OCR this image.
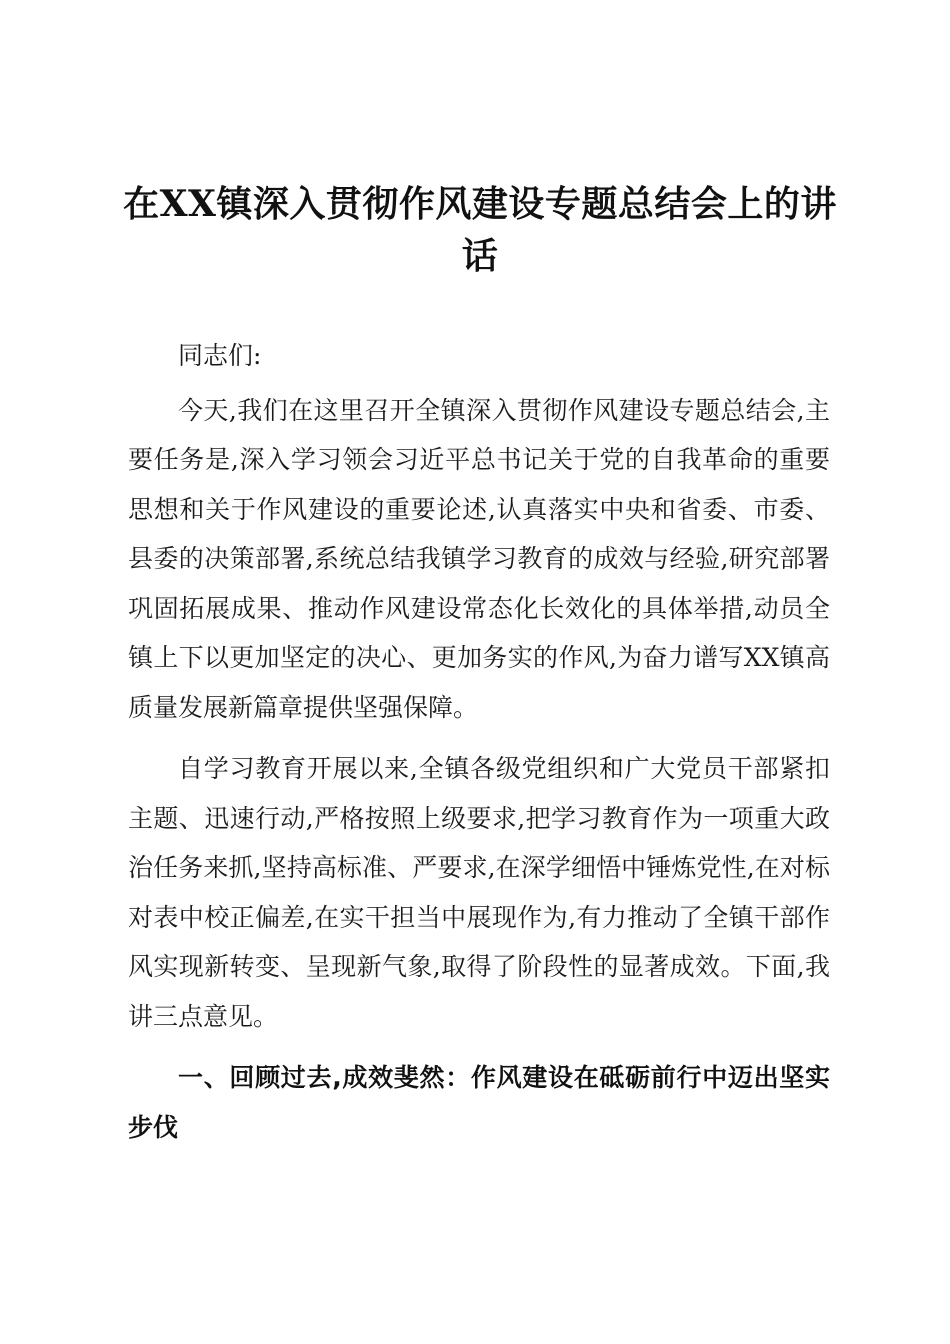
在XX镇深入贯彻作风建设专题总结会上的讲话

同志们:

今天,我们在这里召开全镇深入贯彻作风建设专题总结会,主要任务是,深入学习领会习近平总书记关于党的自我革命的重要思想和关于作风建设的重要论述,认真落实中央和省委、市委、县委的决策部署,系统总结我镇学习教育的成效与经验,研究部署巩固拓展成果、推动作风建设常态化长效化的具体举措,动员全镇上下以更加坚定的决心、更加务实的作风,为奋力谱写XX镇高质量发展新篇章提供坚强保障。

自学习教育开展以来,全镇各级党组织和广大党员干部紧扣主题、迅速行动,严格按照上级要求,把学习教育作为一项重大政治任务来抓,坚持高标准、严要求,在深学细悟中锤炼党性,在对标对表中校正偏差,在实干担当中展现作为,有力推动了全镇干部作风实现新转变、呈现新气象,取得了阶段性的显著成效。下面,我讲三点意见。

一、回顾过去,成效斐然：作风建设在砥砺前行中迈出坚实步伐
